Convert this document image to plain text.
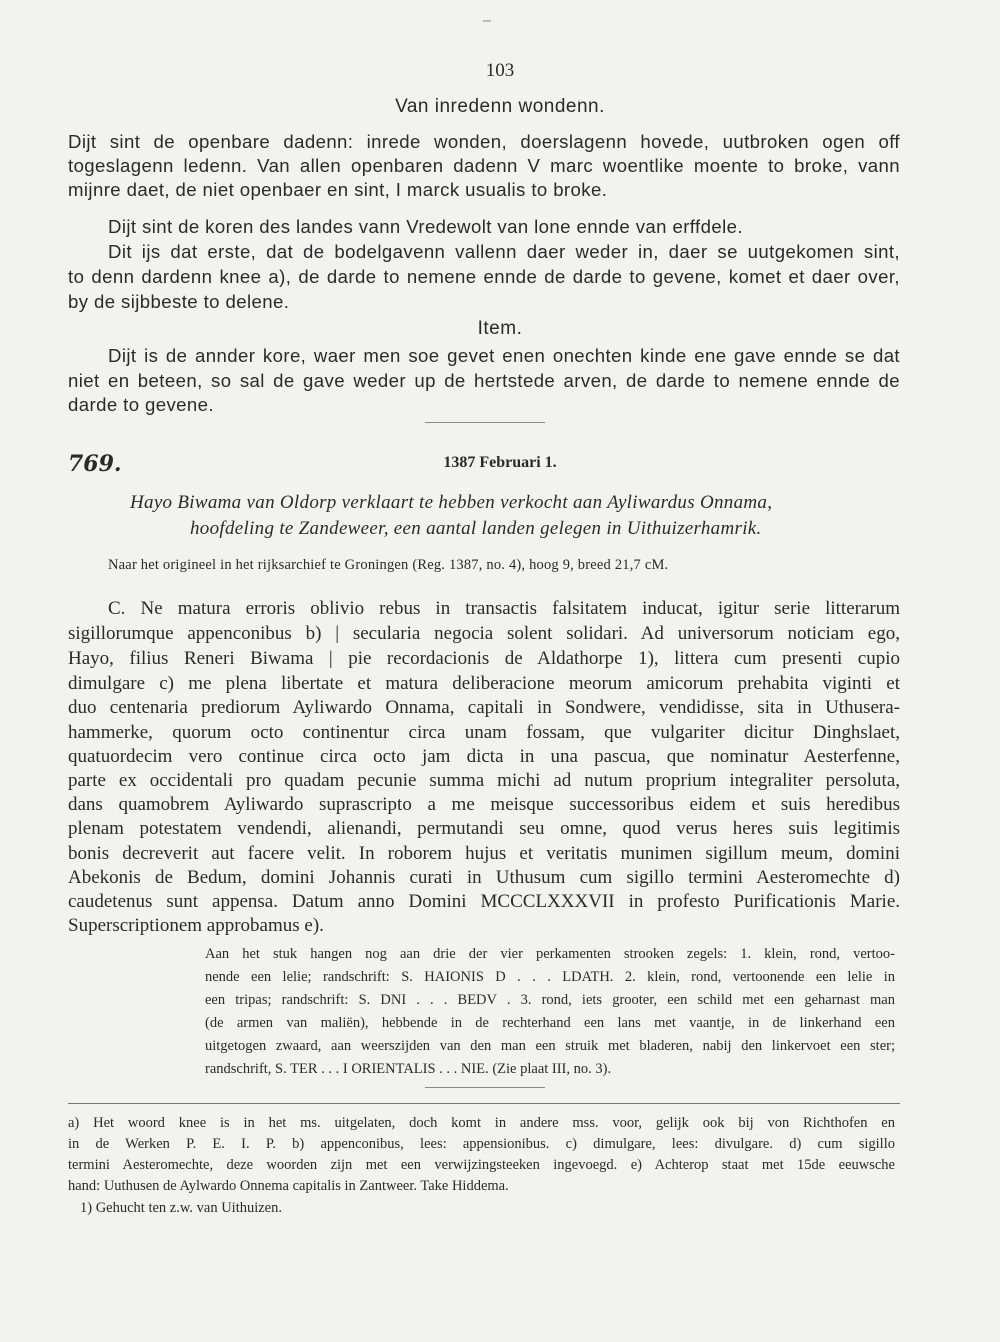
103
Van inredenn wondenn.
Dijt sint de openbare dadenn: inrede wonden, doerslagenn hovede, uutbroken ogen off
togeslagenn ledenn. Van allen openbaren dadenn V marc woentlike moente to broke, vann
mijnre daet, de niet openbaer en sint, I marck usualis to broke.
Dijt sint de koren des landes vann Vredewolt van lone ennde van erffdele.
Dit ijs dat erste, dat de bodelgavenn vallenn daer weder in, daer se uutgekomen sint,
to denn dardenn knee a), de darde to nemene ennde de darde to gevene, komet et daer over,
by de sijbbeste to delene.
Item.
Dijt is de annder kore, waer men soe gevet enen onechten kinde ene gave ennde se dat
niet en beteen, so sal de gave weder up de hertstede arven, de darde to nemene ennde de
darde to gevene.
769.	1387 Februari 1.
Hayo Biwama van Oldorp verklaart te hebben verkocht aan Ayliwardus Onnama,
hoofdeling te Zandeweer, een aantal landen gelegen in Uithuizerhamrik.
Naar het origineel in het rijksarchief te Groningen (Reg. 1387, no. 4), hoog 9, breed 21,7 cM.
C. Ne matura erroris oblivio rebus in transactis falsitatem inducat, igitur serie litterarum
sigillorumque appenconibus b) | secularia negocia solent solidari. Ad universorum noticiam ego,
Hayo, filius Reneri Biwama | pie recordacionis de Aldathorpe 1), littera cum presenti cupio
dimulgare c) me plena libertate et matura deliberacione meorum amicorum prehabita viginti et
duo centenaria prediorum Ayliwardo Onnama, capitali in Sondwere, vendidisse, sita in Uthusera-
hammerke, quorum octo continentur circa unam fossam, que vulgariter dicitur Dinghslaet,
quatuordecim vero continue circa octo jam dicta in una pascua, que nominatur Aesterfenne,
parte ex occidentali pro quadam pecunie summa michi ad nutum proprium integraliter persoluta,
dans quamobrem Ayliwardo suprascripto a me meisque successoribus eidem et suis heredibus
plenam potestatem vendendi, alienandi, permutandi seu omne, quod verus heres suis legitimis
bonis decreverit aut facere velit. In roborem hujus et veritatis munimen sigillum meum, domini
Abekonis de Bedum, domini Johannis curati in Uthusum cum sigillo termini Aesteromechte d)
caudetenus sunt appensa. Datum anno Domini MCCCLXXXVII in profesto Purificationis Marie.
Superscriptionem approbamus e).
Aan het stuk hangen nog aan drie der vier perkamenten strooken zegels: 1. klein, rond, vertoo-
nende een lelie; randschrift: S. HAIONIS D . . . LDATH. 2. klein, rond, vertoonende een lelie in
een tripas; randschrift: S. DNI . . . BEDV . 3. rond, iets grooter, een schild met een geharnast man
(de armen van maliën), hebbende in de rechterhand een lans met vaantje, in de linkerhand een
uitgetogen zwaard, aan weerszijden van den man een struik met bladeren, nabij den linkervoet een ster;
randschrift, S. TER . . . I ORIENTALIS . . . NIE. (Zie plaat III, no. 3).
a) Het woord knee is in het ms. uitgelaten, doch komt in andere mss. voor, gelijk ook bij von Richthofen en
in de Werken P. E. I. P. b) appenconibus, lees: appensionibus. c) dimulgare, lees: divulgare. d) cum sigillo
termini Aesteromechte, deze woorden zijn met een verwijzingsteeken ingevoegd. e) Achterop staat met 15de eeuwsche
hand: Uuthusen de Aylwardo Onnema capitalis in Zantweer. Take Hiddema.
1) Gehucht ten z.w. van Uithuizen.
